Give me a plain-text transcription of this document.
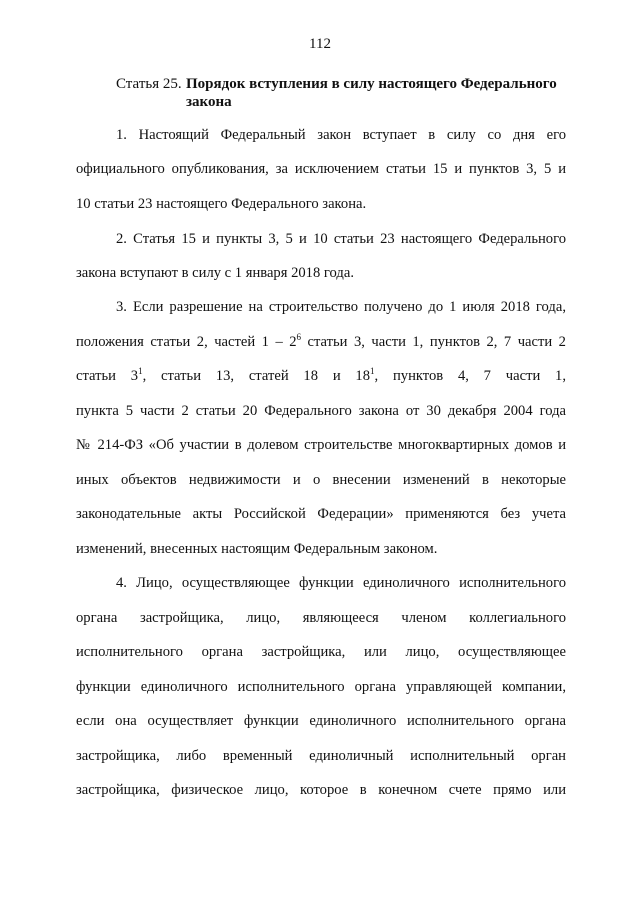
112
Статья 25. Порядок вступления в силу настоящего Федерального закона
1. Настоящий Федеральный закон вступает в силу со дня его
официального опубликования, за исключением статьи 15 и пунктов 3, 5 и
10 статьи 23 настоящего Федерального закона.
2. Статья 15 и пункты 3, 5 и 10 статьи 23 настоящего Федерального
закона вступают в силу с 1 января 2018 года.
3. Если разрешение на строительство получено до 1 июля 2018 года,
положения статьи 2, частей $1 - 2^6$ статьи 3, части 1, пунктов 2, 7 части 2
статьи $3^1$, статьи 13, статей 18 и $18^1$, пунктов 4, 7 части 1,
пункта 5 части 2 статьи 20 Федерального закона от 30 декабря 2004 года
№ 214-ФЗ «Об участии в долевом строительстве многоквартирных домов и
иных объектов недвижимости и о внесении изменений в некоторые
законодательные акты Российской Федерации» применяются без учета
изменений, внесенных настоящим Федеральным законом.
4. Лицо, осуществляющее функции единоличного исполнительного
органа застройщика, лицо, являющееся членом коллегиального
исполнительного органа застройщика, или лицо, осуществляющее
функции единоличного исполнительного органа управляющей компании,
если она осуществляет функции единоличного исполнительного органа
застройщика, либо временный единоличный исполнительный орган
застройщика, физическое лицо, которое в конечном счете прямо или
